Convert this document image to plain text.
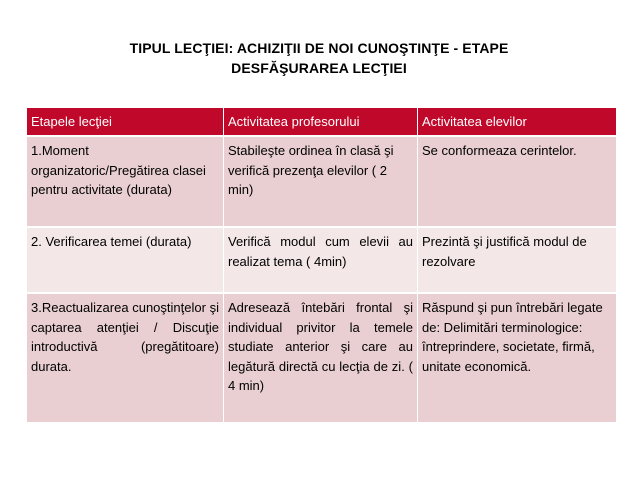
TIPUL LECŢIEI: ACHIZIŢII DE NOI CUNOŞTINŢE - ETAPE
DESFĂŞURAREA LECŢIEI
Etapele lecţiei	Activitatea profesorului	Activitatea elevilor
1.Moment organizatoric/Pregătirea clasei pentru activitate (durata)	Stabileşte ordinea în clasă şi verifică prezenţa elevilor ( 2 min)	Se conformeaza cerintelor.
2. Verificarea temei (durata)	Verifică modul cum elevii au realizat tema ( 4min)	Prezintă şi justifică modul de rezolvare
3.Reactualizarea cunoştinţelor şi captarea atenţiei / Discuţie introductivă (pregătitoare) durata.	Adresează întebări frontal şi individual privitor la temele studiate anterior şi care au legătură directă cu lecţia de zi. ( 4 min)	Răspund şi pun întrebări legate de: Delimitări terminologice: întreprindere, societate, firmă, unitate economică.
